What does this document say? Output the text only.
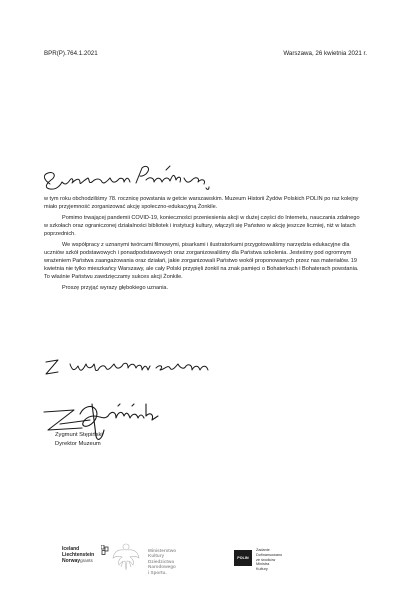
BPR(P).764.1.2021	Warszawa, 26 kwietnia 2021 r.

w tym roku obchodziliśmy 78. rocznicę powstania w getcie warszawskim. Muzeum Historii Żydów Polskich POLIN po raz kolejny miało przyjemność zorganizować akcję społeczno-edukacyjną Żonkile.

Pomimo trwającej pandemii COVID-19, konieczności przeniesienia akcji w dużej części do Internetu, nauczania zdalnego w szkołach oraz ograniczonej działalności bibliotek i instytucji kultury, włączyli się Państwo w akcję jeszcze liczniej, niż w latach poprzednich.

We współpracy z uznanymi twórcami filmowymi, pisarkami i ilustratorkami przygotowaliśmy narzędzia edukacyjne dla uczniów szkół podstawowych i ponadpodstawowych oraz zorganizowaliśmy dla Państwa szkolenia. Jesteśmy pod ogromnym wrażeniem Państwa zaangażowania oraz działań, jakie zorganizowali Państwo wokół proponowanych przez nas materiałów. 19 kwietnia nie tylko mieszkańcy Warszawy, ale cały Polski przypięli żonkil na znak pamięci o Bohaterkach i Bohaterach powstania. To właśnie Państwu zawdzięczamy sukces akcji Żonkile.

Proszę przyjąć wyrazy głębokiego uznania.

Zygmunt Stępiński
Dyrektor Muzeum
Iceland
Liechtenstein
Norwaygrants
Ministerstwo
Kultury
Dziedzictwa
Narodowego
i Sportu.
POLIN
Zadanie
Dofinansowano
ze środków
Ministra
Kultury
